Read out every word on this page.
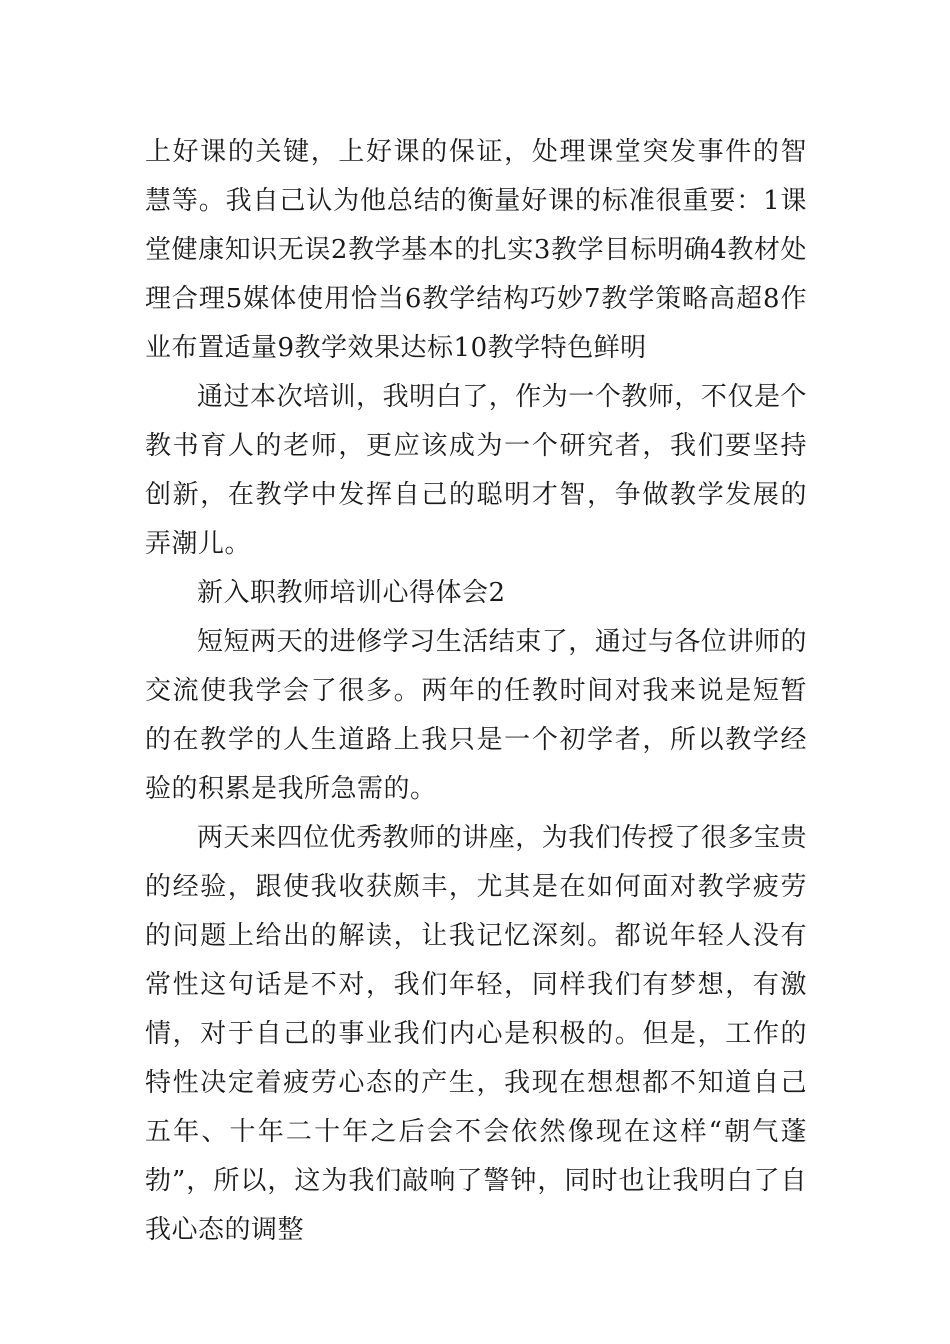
上好课的关键，上好课的保证，处理课堂突发事件的智慧等。我自己认为他总结的衡量好课的标准很重要：1课堂健康知识无误2教学基本的扎实3教学目标明确4教材处理合理5媒体使用恰当6教学结构巧妙7教学策略高超8作业布置适量9教学效果达标10教学特色鲜明

通过本次培训，我明白了，作为一个教师，不仅是个教书育人的老师，更应该成为一个研究者，我们要坚持创新，在教学中发挥自己的聪明才智，争做教学发展的弄潮儿。

新入职教师培训心得体会2

短短两天的进修学习生活结束了，通过与各位讲师的交流使我学会了很多。两年的任教时间对我来说是短暂的在教学的人生道路上我只是一个初学者，所以教学经验的积累是我所急需的。

两天来四位优秀教师的讲座，为我们传授了很多宝贵的经验，跟使我收获颇丰，尤其是在如何面对教学疲劳的问题上给出的解读，让我记忆深刻。都说年轻人没有常性这句话是不对，我们年轻，同样我们有梦想，有激情，对于自己的事业我们内心是积极的。但是，工作的特性决定着疲劳心态的产生，我现在想想都不知道自己五年、十年二十年之后会不会依然像现在这样“朝气蓬勃”，所以，这为我们敲响了警钟，同时也让我明白了自我心态的调整
